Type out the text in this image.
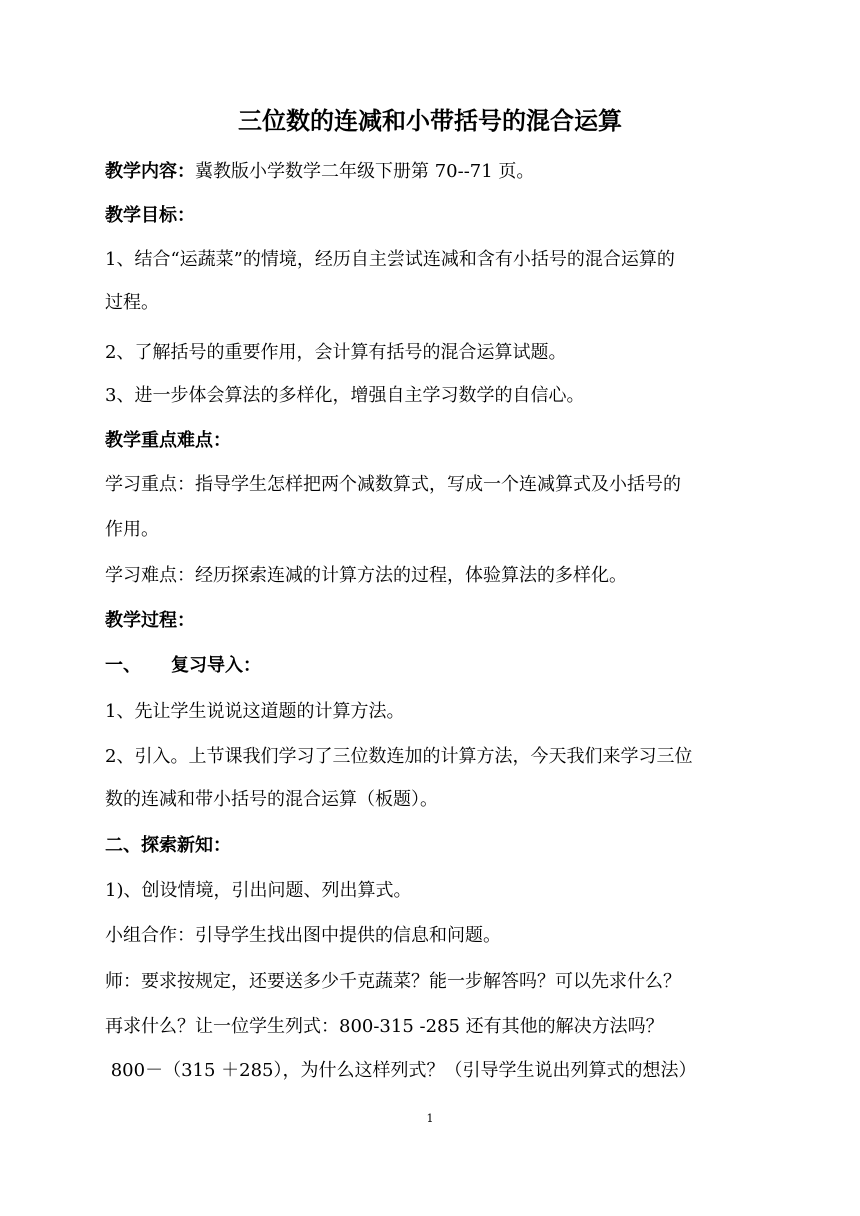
三位数的连减和小带括号的混合运算
教学内容：冀教版小学数学二年级下册第 70--71 页。
教学目标：
1、结合“运蔬菜”的情境，经历自主尝试连减和含有小括号的混合运算的
过程。
2、了解括号的重要作用，会计算有括号的混合运算试题。
3、进一步体会算法的多样化，增强自主学习数学的自信心。
教学重点难点：
学习重点：指导学生怎样把两个减数算式，写成一个连减算式及小括号的
作用。
学习难点：经历探索连减的计算方法的过程，体验算法的多样化。
教学过程：
一、 复习导入：
1、先让学生说说这道题的计算方法。
2、引入。上节课我们学习了三位数连加的计算方法，今天我们来学习三位
数的连减和带小括号的混合运算（板题）。
二、探索新知：
1)、创设情境，引出问题、列出算式。
小组合作：引导学生找出图中提供的信息和问题。
师：要求按规定，还要送多少千克蔬菜？能一步解答吗？可以先求什么？
再求什么？让一位学生列式：800-315 -285 还有其他的解决方法吗？
800－（315 ＋285），为什么这样列式？（引导学生说出列算式的想法）
1
